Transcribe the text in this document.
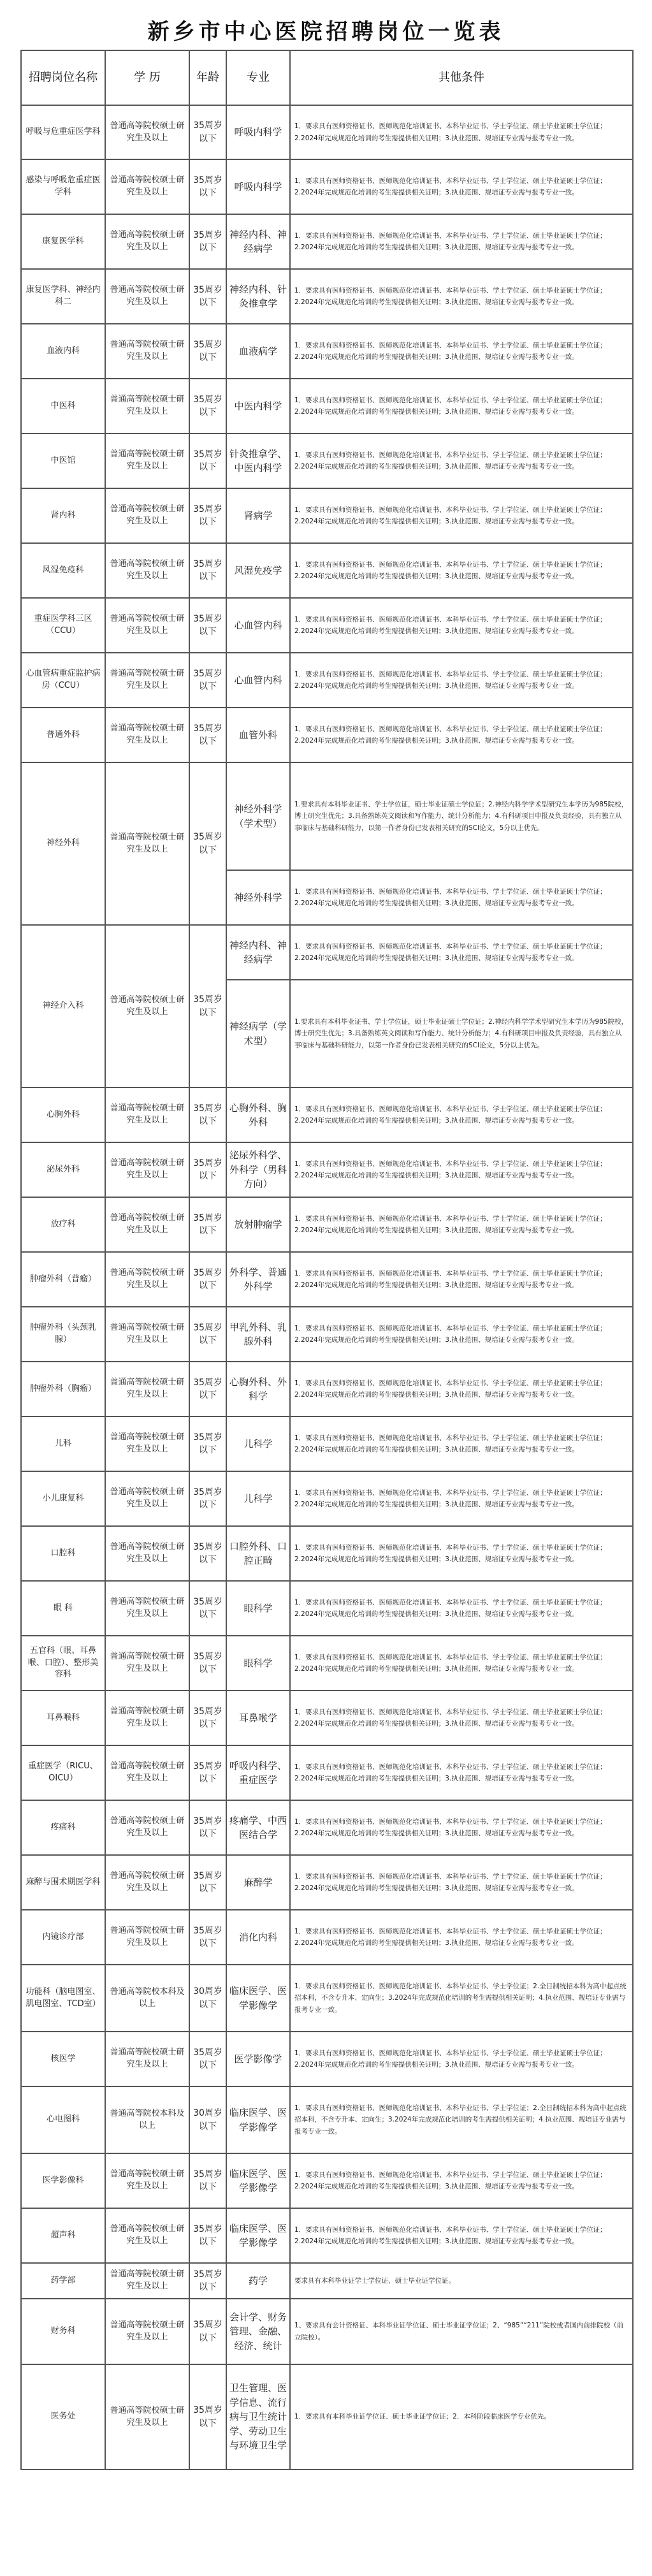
新乡市中心医院招聘岗位一览表
招聘岗位名称	学 历	年龄	专业	其他条件
呼吸与危重症医学科	普通高等院校硕士研究生及以上	35周岁以下	呼吸内科学	1．要求具有医师资格证书、医师规范化培训证书、本科毕业证书、学士学位证、硕士毕业证硕士学位证；2.2024年完成规范化培训的考生需提供相关证明；3.执业范围、规培证专业需与报考专业一致。
感染与呼吸危重症医学科	普通高等院校硕士研究生及以上	35周岁以下	呼吸内科学	1．要求具有医师资格证书、医师规范化培训证书、本科毕业证书、学士学位证、硕士毕业证硕士学位证；2.2024年完成规范化培训的考生需提供相关证明；3.执业范围、规培证专业需与报考专业一致。
康复医学科	普通高等院校硕士研究生及以上	35周岁以下	神经内科、神经病学	1．要求具有医师资格证书、医师规范化培训证书、本科毕业证书、学士学位证、硕士毕业证硕士学位证；2.2024年完成规范化培训的考生需提供相关证明；3.执业范围、规培证专业需与报考专业一致。
康复医学科、神经内科二	普通高等院校硕士研究生及以上	35周岁以下	神经内科、针灸推拿学	1．要求具有医师资格证书、医师规范化培训证书、本科毕业证书、学士学位证、硕士毕业证硕士学位证；2.2024年完成规范化培训的考生需提供相关证明；3.执业范围、规培证专业需与报考专业一致。
血液内科	普通高等院校硕士研究生及以上	35周岁以下	血液病学	1．要求具有医师资格证书、医师规范化培训证书、本科毕业证书、学士学位证、硕士毕业证硕士学位证；2.2024年完成规范化培训的考生需提供相关证明；3.执业范围、规培证专业需与报考专业一致。
中医科	普通高等院校硕士研究生及以上	35周岁以下	中医内科学	1．要求具有医师资格证书、医师规范化培训证书、本科毕业证书、学士学位证、硕士毕业证硕士学位证；2.2024年完成规范化培训的考生需提供相关证明；3.执业范围、规培证专业需与报考专业一致。
中医馆	普通高等院校硕士研究生及以上	35周岁以下	针灸推拿学、中医内科学	1．要求具有医师资格证书、医师规范化培训证书、本科毕业证书、学士学位证、硕士毕业证硕士学位证；2.2024年完成规范化培训的考生需提供相关证明；3.执业范围、规培证专业需与报考专业一致。
肾内科	普通高等院校硕士研究生及以上	35周岁以下	肾病学	1．要求具有医师资格证书、医师规范化培训证书、本科毕业证书、学士学位证、硕士毕业证硕士学位证；2.2024年完成规范化培训的考生需提供相关证明；3.执业范围、规培证专业需与报考专业一致。
风湿免疫科	普通高等院校硕士研究生及以上	35周岁以下	风湿免疫学	1．要求具有医师资格证书、医师规范化培训证书、本科毕业证书、学士学位证、硕士毕业证硕士学位证；2.2024年完成规范化培训的考生需提供相关证明；3.执业范围、规培证专业需与报考专业一致。
重症医学科三区（CCU）	普通高等院校硕士研究生及以上	35周岁以下	心血管内科	1．要求具有医师资格证书、医师规范化培训证书、本科毕业证书、学士学位证、硕士毕业证硕士学位证；2.2024年完成规范化培训的考生需提供相关证明；3.执业范围、规培证专业需与报考专业一致。
心血管病重症监护病房（CCU）	普通高等院校硕士研究生及以上	35周岁以下	心血管内科	1．要求具有医师资格证书、医师规范化培训证书、本科毕业证书、学士学位证、硕士毕业证硕士学位证；2.2024年完成规范化培训的考生需提供相关证明；3.执业范围、规培证专业需与报考专业一致。
普通外科	普通高等院校硕士研究生及以上	35周岁以下	血管外科	1．要求具有医师资格证书、医师规范化培训证书、本科毕业证书、学士学位证、硕士毕业证硕士学位证；2.2024年完成规范化培训的考生需提供相关证明；3.执业范围、规培证专业需与报考专业一致。
神经外科	普通高等院校硕士研究生及以上	35周岁以下	神经外科学（学术型）	1.要求具有本科毕业证书、学士学位证，硕士毕业证硕士学位证；2.神经内科学学术型研究生本学历为985院校，博士研究生优先；3.具备熟练英文阅读和写作能力、统计分析能力；4.有科研项目申报及负责经验，具有独立从事临床与基础科研能力，以第一作者身份已发表相关研究的SCI论文，5分以上优先。
			神经外科学	1．要求具有医师资格证书、医师规范化培训证书、本科毕业证书、学士学位证、硕士毕业证硕士学位证；2.2024年完成规范化培训的考生需提供相关证明；3.执业范围、规培证专业需与报考专业一致。
神经介入科	普通高等院校硕士研究生及以上	35周岁以下	神经内科、神经病学	1．要求具有医师资格证书、医师规范化培训证书、本科毕业证书、学士学位证、硕士毕业证硕士学位证；2.2024年完成规范化培训的考生需提供相关证明；3.执业范围、规培证专业需与报考专业一致。
			神经病学（学术型）	1.要求具有本科毕业证书、学士学位证，硕士毕业证硕士学位证；2.神经内科学学术型研究生本学历为985院校，博士研究生优先；3.具备熟练英文阅读和写作能力、统计分析能力；4.有科研项目申报及负责经验，具有独立从事临床与基础科研能力，以第一作者身份已发表相关研究的SCI论文，5分以上优先。
心胸外科	普通高等院校硕士研究生及以上	35周岁以下	心胸外科、胸外科	1．要求具有医师资格证书、医师规范化培训证书、本科毕业证书、学士学位证、硕士毕业证硕士学位证；2.2024年完成规范化培训的考生需提供相关证明；3.执业范围、规培证专业需与报考专业一致。
泌尿外科	普通高等院校硕士研究生及以上	35周岁以下	泌尿外科学、外科学（男科方向）	1．要求具有医师资格证书、医师规范化培训证书、本科毕业证书、学士学位证、硕士毕业证硕士学位证；2.2024年完成规范化培训的考生需提供相关证明；3.执业范围、规培证专业需与报考专业一致。
放疗科	普通高等院校硕士研究生及以上	35周岁以下	放射肿瘤学	1．要求具有医师资格证书、医师规范化培训证书、本科毕业证书、学士学位证、硕士毕业证硕士学位证；2.2024年完成规范化培训的考生需提供相关证明；3.执业范围、规培证专业需与报考专业一致。
肿瘤外科（普瘤）	普通高等院校硕士研究生及以上	35周岁以下	外科学、普通外科学	1．要求具有医师资格证书、医师规范化培训证书、本科毕业证书、学士学位证、硕士毕业证硕士学位证；2.2024年完成规范化培训的考生需提供相关证明；3.执业范围、规培证专业需与报考专业一致。
肿瘤外科（头颈乳腺）	普通高等院校硕士研究生及以上	35周岁以下	甲乳外科、乳腺外科	1．要求具有医师资格证书、医师规范化培训证书、本科毕业证书、学士学位证、硕士毕业证硕士学位证；2.2024年完成规范化培训的考生需提供相关证明；3.执业范围、规培证专业需与报考专业一致。
肿瘤外科（胸瘤）	普通高等院校硕士研究生及以上	35周岁以下	心胸外科、外科学	1．要求具有医师资格证书、医师规范化培训证书、本科毕业证书、学士学位证、硕士毕业证硕士学位证；2.2024年完成规范化培训的考生需提供相关证明；3.执业范围、规培证专业需与报考专业一致。
儿科	普通高等院校硕士研究生及以上	35周岁以下	儿科学	1．要求具有医师资格证书、医师规范化培训证书、本科毕业证书、学士学位证、硕士毕业证硕士学位证；2.2024年完成规范化培训的考生需提供相关证明；3.执业范围、规培证专业需与报考专业一致。
小儿康复科	普通高等院校硕士研究生及以上	35周岁以下	儿科学	1．要求具有医师资格证书、医师规范化培训证书、本科毕业证书、学士学位证、硕士毕业证硕士学位证；2.2024年完成规范化培训的考生需提供相关证明；3.执业范围、规培证专业需与报考专业一致。
口腔科	普通高等院校硕士研究生及以上	35周岁以下	口腔外科、口腔正畸	1．要求具有医师资格证书、医师规范化培训证书、本科毕业证书、学士学位证、硕士毕业证硕士学位证；2.2024年完成规范化培训的考生需提供相关证明；3.执业范围、规培证专业需与报考专业一致。
眼 科	普通高等院校硕士研究生及以上	35周岁以下	眼科学	1．要求具有医师资格证书、医师规范化培训证书、本科毕业证书、学士学位证、硕士毕业证硕士学位证；2.2024年完成规范化培训的考生需提供相关证明；3.执业范围、规培证专业需与报考专业一致。
五官科（眼、耳鼻喉、口腔）、整形美容科	普通高等院校硕士研究生及以上	35周岁以下	眼科学	1．要求具有医师资格证书、医师规范化培训证书、本科毕业证书、学士学位证、硕士毕业证硕士学位证；2.2024年完成规范化培训的考生需提供相关证明；3.执业范围、规培证专业需与报考专业一致。
耳鼻喉科	普通高等院校硕士研究生及以上	35周岁以下	耳鼻喉学	1．要求具有医师资格证书、医师规范化培训证书、本科毕业证书、学士学位证、硕士毕业证硕士学位证；2.2024年完成规范化培训的考生需提供相关证明；3.执业范围、规培证专业需与报考专业一致。
重症医学（RICU、OICU）	普通高等院校硕士研究生及以上	35周岁以下	呼吸内科学、重症医学	1．要求具有医师资格证书、医师规范化培训证书、本科毕业证书、学士学位证、硕士毕业证硕士学位证；2.2024年完成规范化培训的考生需提供相关证明；3.执业范围、规培证专业需与报考专业一致。
疼痛科	普通高等院校硕士研究生及以上	35周岁以下	疼痛学、中西医结合学	1．要求具有医师资格证书、医师规范化培训证书、本科毕业证书、学士学位证、硕士毕业证硕士学位证；2.2024年完成规范化培训的考生需提供相关证明；3.执业范围、规培证专业需与报考专业一致。
麻醉与围术期医学科	普通高等院校硕士研究生及以上	35周岁以下	麻醉学	1．要求具有医师资格证书、医师规范化培训证书、本科毕业证书、学士学位证、硕士毕业证硕士学位证；2.2024年完成规范化培训的考生需提供相关证明；3.执业范围、规培证专业需与报考专业一致。
内镜诊疗部	普通高等院校硕士研究生及以上	35周岁以下	消化内科	1．要求具有医师资格证书、医师规范化培训证书、本科毕业证书、学士学位证、硕士毕业证硕士学位证；2.2024年完成规范化培训的考生需提供相关证明；3.执业范围、规培证专业需与报考专业一致。
功能科（脑电图室、肌电图室、TCD室）	普通高等院校本科及以上	30周岁以下	临床医学、医学影像学	1．要求具有医师资格证书、医师规范化培训证书、本科毕业证书、学士学位证；2.全日制统招本科为高中起点统招本科，不含专升本、定向生；3.2024年完成规范化培训的考生需提供相关证明；4.执业范围、规培证专业需与报考专业一致。
核医学	普通高等院校硕士研究生及以上	35周岁以下	医学影像学	1．要求具有医师资格证书、医师规范化培训证书、本科毕业证书、学士学位证、硕士毕业证硕士学位证；2.2024年完成规范化培训的考生需提供相关证明；3.执业范围、规培证专业需与报考专业一致。
心电图科	普通高等院校本科及以上	30周岁以下	临床医学、医学影像学	1．要求具有医师资格证书、医师规范化培训证书、本科毕业证书、学士学位证；2.全日制统招本科为高中起点统招本科，不含专升本、定向生；3.2024年完成规范化培训的考生需提供相关证明；4.执业范围、规培证专业需与报考专业一致。
医学影像科	普通高等院校硕士研究生及以上	35周岁以下	临床医学、医学影像学	1．要求具有医师资格证书、医师规范化培训证书、本科毕业证书、学士学位证、硕士毕业证硕士学位证；2.2024年完成规范化培训的考生需提供相关证明；3.执业范围、规培证专业需与报考专业一致。
超声科	普通高等院校硕士研究生及以上	35周岁以下	临床医学、医学影像学	1．要求具有医师资格证书、医师规范化培训证书、本科毕业证书、学士学位证、硕士毕业证硕士学位证；2.2024年完成规范化培训的考生需提供相关证明；3.执业范围、规培证专业需与报考专业一致。
药学部	普通高等院校硕士研究生及以上	35周岁以下	药学	要求具有本科毕业证学士学位证、硕士毕业证学位证。
财务科	普通高等院校硕士研究生及以上	35周岁以下	会计学、财务管理、金融、经济、统计	1、要求具有会计资格证、本科毕业证学位证、硕士毕业证学位证；2、“985”“211”院校或者国内前排院校（前立院校）。
医务处	普通高等院校硕士研究生及以上	35周岁以下	卫生管理、医学信息、流行病与卫生统计学、劳动卫生与环境卫生学	1．要求具有本科毕业证学位证、硕士毕业证学位证；2．本科阶段临床医学专业优先。
